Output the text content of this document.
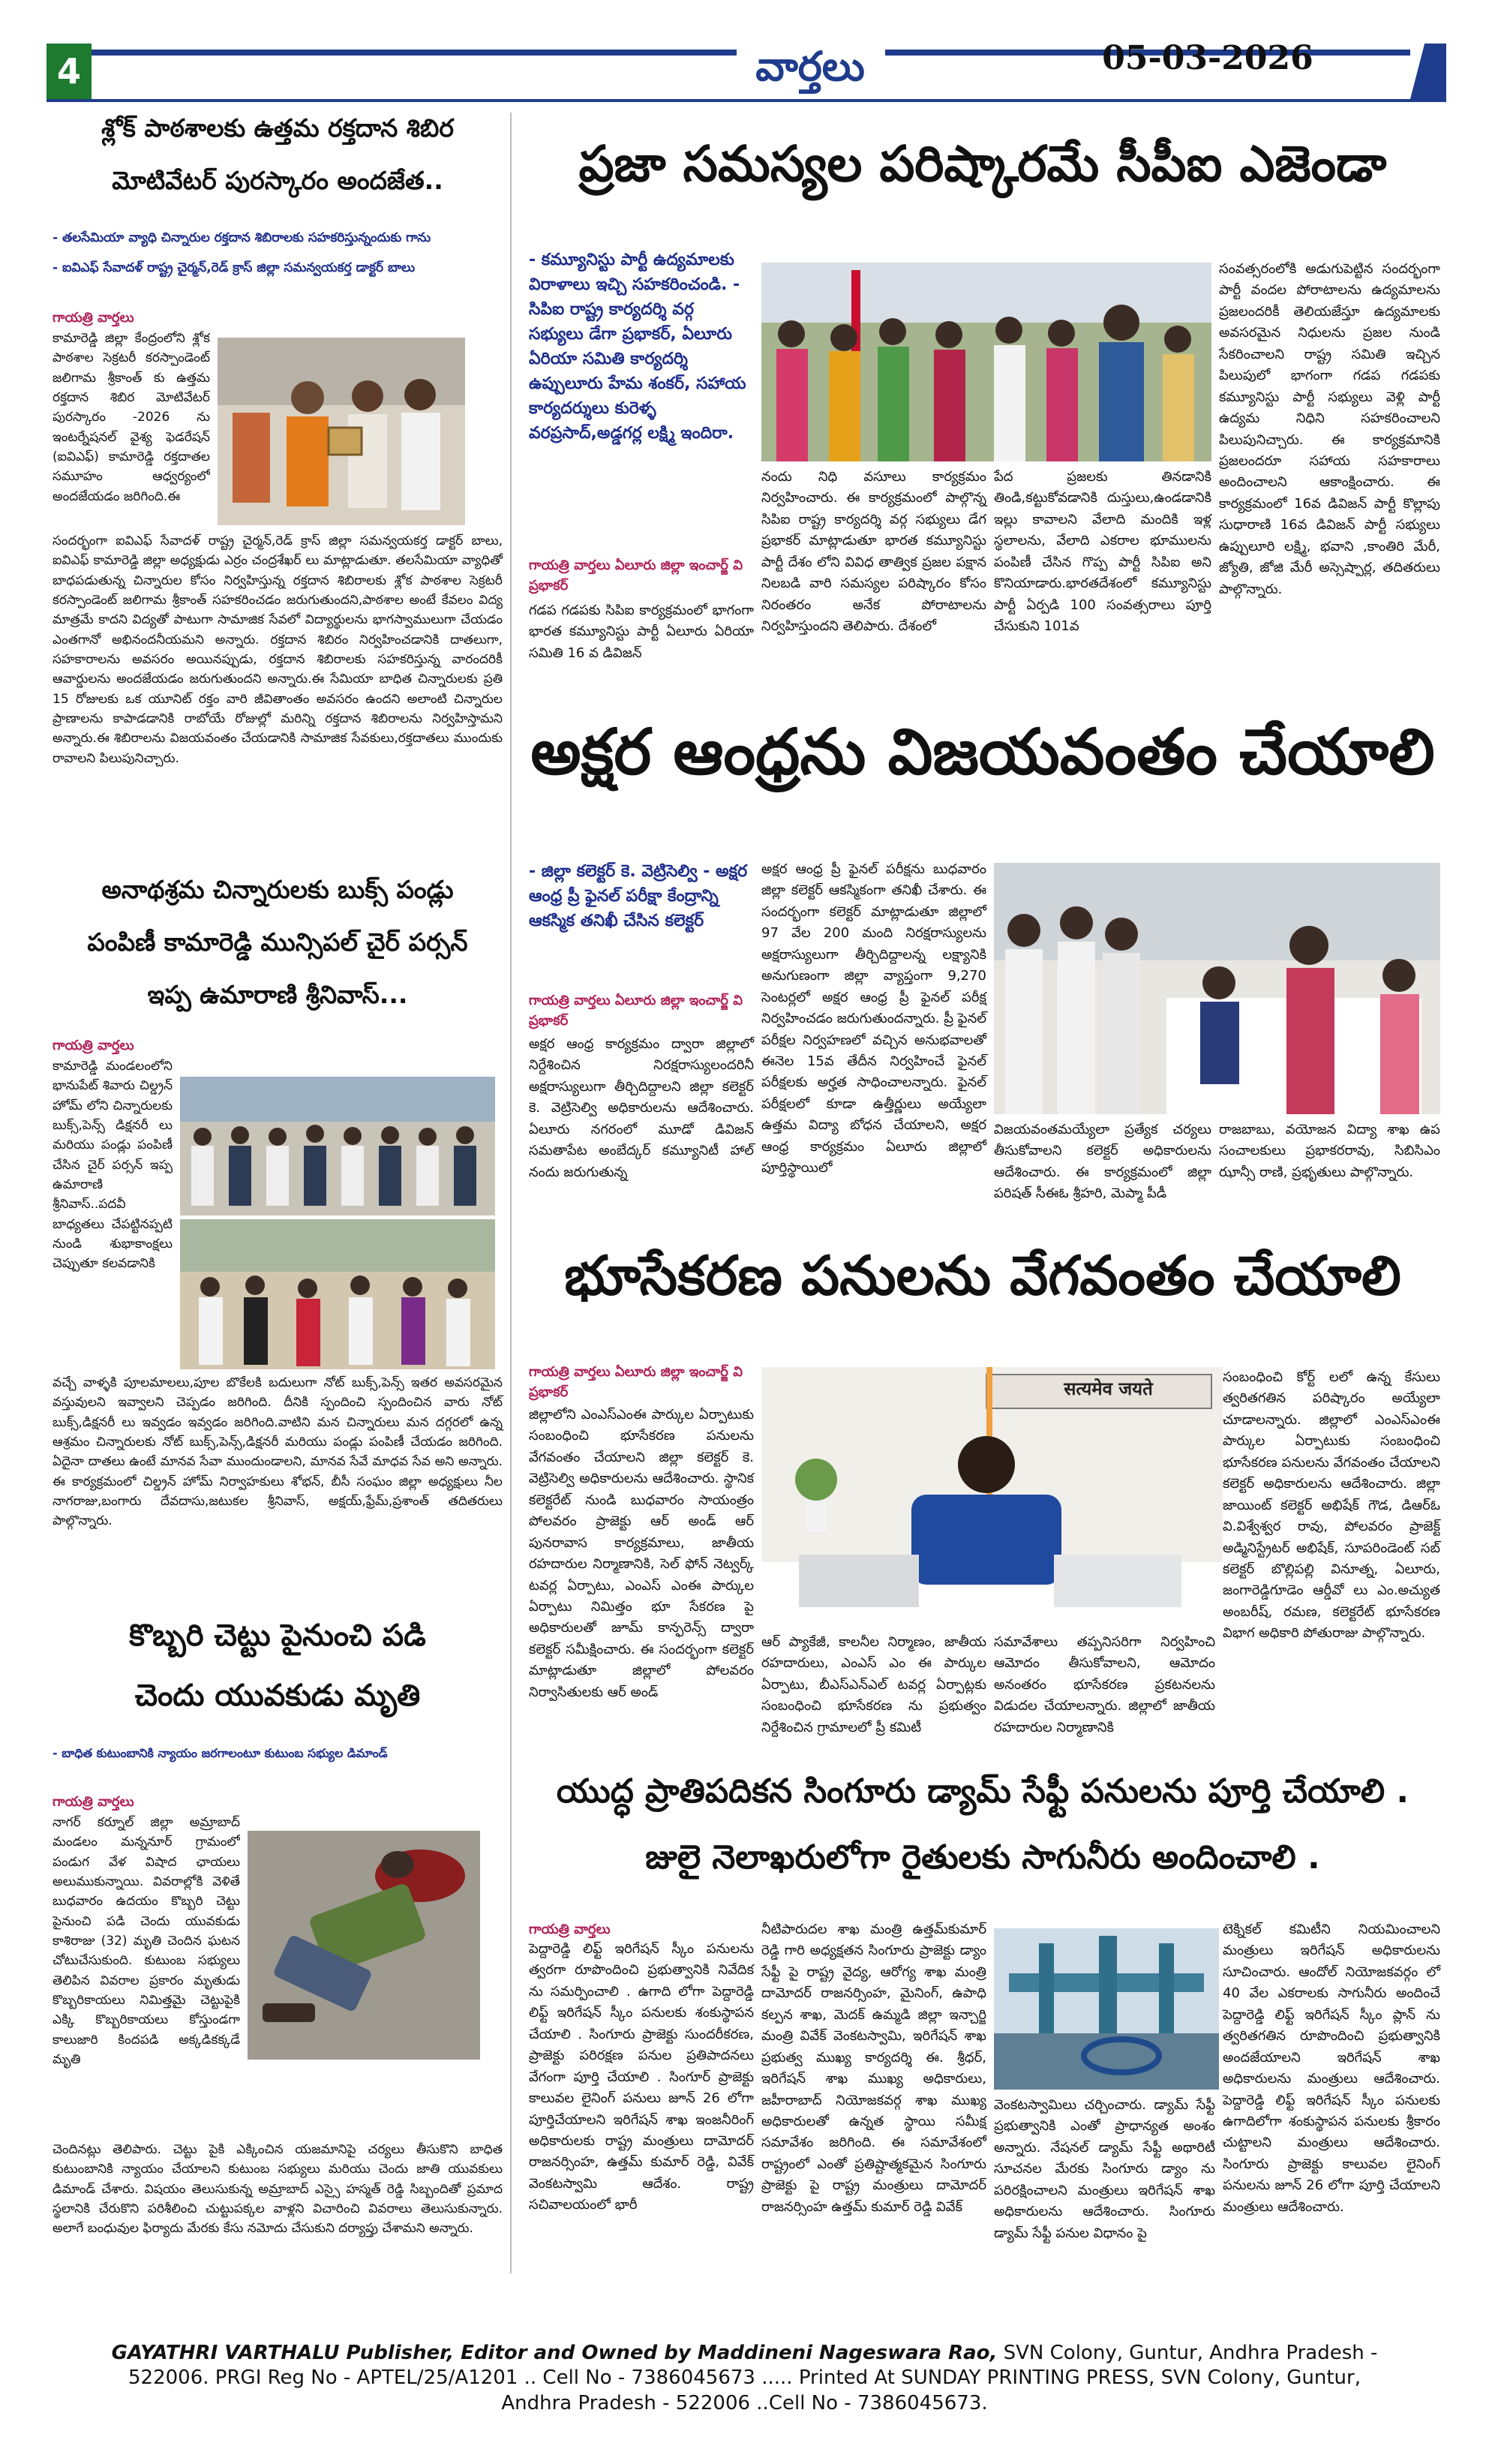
4	వార్తలు	05-03-2026
శ్లోక్ పాఠశాలకు ఉత్తమ రక్తదాన శిబిర
మోటివేటర్ పురస్కారం అందజేత..
- తలసేమియా వ్యాధి చిన్నారుల రక్తదాన శిబిరాలకు సహకరిస్తున్నందుకు గాను
- ఐవిఎఫ్ సేవాదళ్ రాష్ట్ర చైర్మన్,రెడ్ క్రాస్ జిల్లా సమన్వయకర్త డాక్టర్ బాలు
గాయత్రి వార్తలు
కామారెడ్డి జిల్లా కేంద్రంలోని శ్లోక పాఠశాల సెక్రటరీ కరస్పాండెంట్ జలిగామ శ్రీకాంత్ కు ఉత్తమ రక్తదాన శిబిర మోటివేటర్ పురస్కారం -2026 ను ఇంటర్నేషనల్ వైశ్య ఫెడరేషన్ (ఐవిఎఫ్) కామారెడ్డి రక్తదాతల సమూహం ఆధ్వర్యంలో అందజేయడం జరిగింది.ఈ
సందర్భంగా ఐవిఎఫ్ సేవాదళ్ రాష్ట్ర చైర్మన్,రెడ్ క్రాస్ జిల్లా సమన్వయకర్త డాక్టర్ బాలు, ఐవిఎఫ్ కామారెడ్డి జిల్లా అధ్యక్షుడు ఎర్రం చంద్రశేఖర్ లు మాట్లాడుతూ. తలసేమియా వ్యాధితో బాధపడుతున్న చిన్నారుల కోసం నిర్వహిస్తున్న రక్తదాన శిబిరాలకు శ్లోక పాఠశాల సెక్రటరీ కరస్పాండెంట్ జలిగామ శ్రీకాంత్ సహకరించడం జరుగుతుందని,పాఠశాల అంటే కేవలం విద్య మాత్రమే కాదని విద్యతో పాటుగా సామాజిక సేవలో విద్యార్థులను భాగస్వాములుగా చేయడం ఎంతగానో అభినందనీయమని అన్నారు. రక్తదాన శిబిరం నిర్వహించడానికి దాతలుగా, సహకారాలను అవసరం అయినప్పుడు, రక్తదాన శిబిరాలకు సహకరిస్తున్న వారందరికీ ఆవార్డులను అందజేయడం జరుగుతుందని అన్నారు.ఈ సేమియా బాధిత చిన్నారులకు ప్రతి 15 రోజులకు ఒక యూనిట్ రక్తం వారి జీవితాంతం అవసరం ఉందని అలాంటి చిన్నారుల ప్రాణాలను కాపాడడానికి రాబోయే రోజుల్లో మరిన్ని రక్తదాన శిబిరాలను నిర్వహిస్తామని అన్నారు.ఈ శిబిరాలను విజయవంతం చేయడానికి సామాజిక సేవకులు,రక్తదాతలు ముందుకు రావాలని పిలుపునిచ్చారు.
అనాథశ్రమ చిన్నారులకు బుక్స్ పండ్లు
పంపిణీ కామారెడ్డి మున్సిపల్ చైర్ పర్సన్
ఇప్ప ఉమారాణి శ్రీనివాస్...
గాయత్రి వార్తలు
కామారెడ్డి మండలంలోని భానుపేట్ శివారు చిల్డ్రన్ హోమ్ లోని చిన్నారులకు బుక్స్,పెన్స్ డిక్షనరీ లు మరియు పండ్లు పంపిణీ చేసిన చైర్ పర్సన్ ఇప్ప ఉమారాణి శ్రీనివాస్..పదవీ బాధ్యతలు చేపట్టినప్పటి నుండి శుభాకాంక్షలు చెప్పుతూ కలవడానికి
వచ్చే వాళ్ళకి పూలమాలలు,పూల బొకేలకి బదులుగా నోట్ బుక్స్,పెన్స్ ఇతర అవసరమైన వస్తువులని ఇవ్వాలని చెప్పడం జరిగింది. దీనికి స్పందించి స్పందించిన వారు నోట్ బుక్స్,డిక్షనరీ లు ఇవ్వడం ఇవ్వడం జరిగింది.వాటిని మన చిన్నారులు మన దగ్గరలో ఉన్న ఆశ్రమం చిన్నారులకు నోట్ బుక్స్,పెన్స్,డిక్షనరీ మరియు పండ్లు పంపిణీ చేయడం జరిగింది. ఏదైనా దాతలు ఉంటే మానవ సేవా ముందుండాలని, మానవ సేవే మాధవ సేవ అని అన్నారు. ఈ కార్యక్రమంలో చిల్డ్రన్ హోమ్ నిర్వాహకులు శోభన్, బీసీ సంఘం జిల్లా అధ్యక్షులు నీల నాగరాజు,బంగారు దేవదాసు,జటుకల శ్రీనివాస్, అక్షయ్,ఫ్రేమ్,ప్రశాంత్ తదితరులు పాల్గొన్నారు.
కొబ్బరి చెట్టు పైనుంచి పడి
చెందు యువకుడు మృతి
- బాధిత కుటుంబానికి న్యాయం జరగాలంటూ కుటుంబ సభ్యుల డిమాండ్
గాయత్రి వార్తలు
నాగర్ కర్నూల్ జిల్లా అమ్రాబాద్ మండలం మన్ననూర్ గ్రామంలో పండుగ వేళ విషాద ఛాయలు అలుముకున్నాయి. వివరాల్లోకి వెళితే బుధవారం ఉదయం కొబ్బరి చెట్టు పైనుంచి పడి చెందు యువకుడు కాశిరాజు (32) మృతి చెందిన ఘటన చోటుచేసుకుంది. కుటుంబ సభ్యులు తెలిపిన వివరాల ప్రకారం మృతుడు కొబ్బరికాయలు నిమిత్తమై చెట్టుపైకి ఎక్కి కొబ్బరికాయలు కోస్తుండగా కాలుజారి కిందపడి అక్కడికక్కడే మృతి
చెందినట్లు తెలిపారు. చెట్టు పైకి ఎక్కించిన యజమానిపై చర్యలు తీసుకొని బాధిత కుటుంబానికి న్యాయం చేయాలని కుటుంబ సభ్యులు మరియు చెందు జాతి యువకులు డిమాండ్ చేశారు. విషయం తెలుసుకున్న అమ్రాబాద్ ఎస్సై హస్మత్ రెడ్డి సిబ్బందితో ప్రమాద స్థలానికి చేరుకొని పరిశీలించి చుట్టుపక్కల వాళ్లని విచారించి వివరాలు తెలుసుకున్నారు. అలాగే బంధువుల ఫిర్యాదు మేరకు కేసు నమోదు చేసుకుని దర్యాప్తు చేశామని అన్నారు.
ప్రజా సమస్యల పరిష్కారమే సీపీఐ ఎజెండా
- కమ్యూనిస్టు పార్టీ ఉద్యమాలకు విరాళాలు ఇచ్చి సహకరించండి. - సిపిఐ రాష్ట్ర కార్యదర్శి వర్గ సభ్యులు డేగా ప్రభాకర్, ఏలూరు ఏరియా సమితి కార్యదర్శి ఉప్పులూరు హేమ శంకర్, సహాయ కార్యదర్శులు కురెళ్ళ వరప్రసాద్,అడ్డగర్ల లక్ష్మి ఇందిరా.
గాయత్రి వార్తలు ఏలూరు జిల్లా ఇంచార్జ్ వి ప్రభాకర్
గడప గడపకు సిపిఐ కార్యక్రమంలో భాగంగా భారత కమ్యూనిస్టు పార్టీ ఏలూరు ఏరియా సమితి 16 వ డివిజన్
నందు నిధి వసూలు కార్యక్రమం నిర్వహించారు. ఈ కార్యక్రమంలో పాల్గొన్న సిపిఐ రాష్ట్ర కార్యదర్శి వర్గ సభ్యులు డేగ ప్రభాకర్ మాట్లాడుతూ భారత కమ్యూనిస్టు పార్టీ దేశం లోని వివిధ తాత్విక ప్రజల పక్షాన నిలబడి వారి సమస్యల పరిష్కారం కోసం నిరంతరం అనేక పోరాటాలను నిర్వహిస్తుందని తెలిపారు. దేశంలో
పేద ప్రజలకు తినడానికి తిండి,కట్టుకోవడానికి దుస్తులు,ఉండడానికి ఇల్లు కావాలని వేలాది మందికి ఇళ్ల స్థలాలను, వేలాది ఎకరాల భూములను పంపిణీ చేసిన గొప్ప పార్టీ సిపిఐ అని కొనియాడారు.భారతదేశంలో కమ్యూనిస్టు పార్టీ ఏర్పడి 100 సంవత్సరాలు పూర్తి చేసుకుని 101వ
సంవత్సరంలోకి అడుగుపెట్టిన సందర్భంగా పార్టీ వందల పోరాటాలను ఉద్యమాలను ప్రజలందరికీ తెలియజేస్తూ ఉద్యమాలకు అవసరమైన నిధులను ప్రజల నుండి సేకరించాలని రాష్ట్ర సమితి ఇచ్చిన పిలుపులో భాగంగా గడప గడపకు కమ్యూనిస్టు పార్టీ సభ్యులు వెళ్లి పార్టీ ఉద్యమ నిధిని సహకరించాలని పిలుపునిచ్చారు. ఈ కార్యక్రమానికి ప్రజలందరూ సహాయ సహకారాలు అందించాలని ఆకాంక్షించారు. ఈ కార్యక్రమంలో 16వ డివిజన్ పార్టీ కొల్లాపు సుధారాణి 16వ డివిజన్ పార్టీ సభ్యులు ఉప్పులూరి లక్ష్మి, భవాని ,కాంతిరి మేరీ, జ్యోతి, జోజి మేరీ అస్సెష్పార్ల, తదితరులు పాల్గొన్నారు.
అక్షర ఆంధ్రను విజయవంతం చేయాలి
- జిల్లా కలెక్టర్ కె. వెట్రిసెల్వి - అక్షర ఆంధ్ర ప్రీ ఫైనల్ పరీక్షా కేంద్రాన్ని ఆకస్మిక తనిఖీ చేసిన కలెక్టర్
గాయత్రి వార్తలు ఏలూరు జిల్లా ఇంచార్జ్ వి ప్రభాకర్
అక్షర ఆంధ్ర కార్యక్రమం ద్వారా జిల్లాలో నిర్దేశించిన నిరక్షరాస్యులందరినీ అక్షరాస్యులుగా తీర్చిదిద్దాలని జిల్లా కలెక్టర్ కె. వెట్రిసెల్వి అధికారులను ఆదేశించారు. ఏలూరు నగరంలో మూడో డివిజన్ సమతాపేట అంబేద్కర్ కమ్యూనిటీ హాల్ నందు జరుగుతున్న
అక్షర ఆంధ్ర ప్రీ ఫైనల్ పరీక్షను బుధవారం జిల్లా కలెక్టర్ ఆకస్మికంగా తనిఖీ చేశారు. ఈ సందర్భంగా కలెక్టర్ మాట్లాడుతూ జిల్లాలో 97 వేల 200 మంది నిరక్షరాస్యులను అక్షరాస్యులుగా తీర్చిదిద్దాలన్న లక్ష్యానికి అనుగుణంగా జిల్లా వ్యాప్తంగా 9,270 సెంటర్లలో అక్షర ఆంధ్ర ప్రీ ఫైనల్ పరీక్ష నిర్వహించడం జరుగుతుందన్నారు. ప్రీ ఫైనల్ పరీక్షల నిర్వహణలో వచ్చిన అనుభవాలతో ఈనెల 15వ తేదీన నిర్వహించే ఫైనల్ పరీక్షలకు అర్హత సాధించాలన్నారు. ఫైనల్ పరీక్షలలో కూడా ఉత్తీర్ణులు అయ్యేలా ఉత్తమ విద్యా బోధన చేయాలని, అక్షర ఆంధ్ర కార్యక్రమం ఏలూరు జిల్లాలో పూర్తిస్థాయిలో
విజయవంతమయ్యేలా ప్రత్యేక చర్యలు తీసుకోవాలని కలెక్టర్ అధికారులను ఆదేశించారు. ఈ కార్యక్రమంలో జిల్లా పరిషత్ సీఈఓ శ్రీహరి, మెప్మా పీడీ
రాజబాబు, వయోజన విద్యా శాఖ ఉప సంచాలకులు ప్రభాకరరావు, సిబిసిఎం ఝాన్సీ రాణి, ప్రభృతులు పాల్గొన్నారు.
భూసేకరణ పనులను వేగవంతం చేయాలి
గాయత్రి వార్తలు ఏలూరు జిల్లా ఇంచార్జ్ వి ప్రభాకర్
జిల్లాలోని ఎంఎస్ఎంఈ పార్కుల ఏర్పాటుకు సంబంధించి భూసేకరణ పనులను వేగవంతం చేయాలని జిల్లా కలెక్టర్ కె. వెట్రిసెల్వి అధికారులను ఆదేశించారు. స్థానిక కలెక్టరేట్ నుండి బుధవారం సాయంత్రం పోలవరం ప్రాజెక్టు ఆర్ అండ్ ఆర్ పునరావాస కార్యక్రమాలు, జాతీయ రహదారుల నిర్మాణానికి, సెల్ ఫోన్ నెట్వర్క్ టవర్ల ఏర్పాటు, ఎంఎస్ ఎంఈ పార్కుల ఏర్పాటు నిమిత్తం భూ సేకరణ పై అధికారులతో జూమ్ కాన్ఫరెన్స్ ద్వారా కలెక్టర్ సమీక్షించారు. ఈ సందర్భంగా కలెక్టర్ మాట్లాడుతూ జిల్లాలో పోలవరం నిర్వాసితులకు ఆర్ అండ్
सत्यमेव जयते
ఆర్ ప్యాకేజీ, కాలనీల నిర్మాణం, జాతీయ రహదారులు, ఎంఎస్ ఎం ఈ పార్కుల ఏర్పాటు, బీఎస్ఎన్ఎల్ టవర్ల ఏర్పాట్లకు సంబంధించి భూసేకరణ ను ప్రభుత్వం నిర్దేశించిన గ్రామాలలో ప్రీ కమిటీ
సమావేశాలు తప్పనిసరిగా నిర్వహించి ఆమోదం తీసుకోవాలని, ఆమోదం అనంతరం భూసేకరణ ప్రకటనలను విడుదల చేయాలన్నారు. జిల్లాలో జాతీయ రహదారుల నిర్మాణానికి
సంబంధించి కోర్ట్ లలో ఉన్న కేసులు త్వరితగతిన పరిష్కారం అయ్యేలా చూడాలన్నారు. జిల్లాలో ఎంఎస్ఎంఈ పార్కుల ఏర్పాటుకు సంబంధించి భూసేకరణ పనులను వేగవంతం చేయాలని కలెక్టర్ అధికారులను ఆదేశించారు. జిల్లా జాయింట్ కలెక్టర్ అభిషేక్ గౌడ, డిఆర్ఓ వి.విశ్వేశ్వర రావు, పోలవరం ప్రాజెక్ట్ అడ్మినిస్ట్రేటర్ అభిషేక్, సూపరిండెంట్ సబ్ కలెక్టర్ బొల్లిపల్లి వినూత్న, ఏలూరు, జంగారెడ్డిగూడెం ఆర్డీవో లు ఎం.అచ్యుత అంబరీష్, రమణ, కలెక్టరేట్ భూసేకరణ విభాగ అధికారి పోతురాజు పాల్గొన్నారు.
యుద్ధ ప్రాతిపదికన సింగూరు డ్యామ్ సేఫ్టీ పనులను పూర్తి చేయాలి .
జులై నెలాఖరులోగా రైతులకు సాగునీరు అందించాలి .
గాయత్రి వార్తలు
పెద్దారెడ్డి లిఫ్ట్ ఇరిగేషన్ స్కీం పనులను త్వరగా రూపొందించి ప్రభుత్వానికి నివేదిక ను సమర్పించాలి . ఉగాది లోగా పెద్దారెడ్డి లిఫ్ట్ ఇరిగేషన్ స్కీం పనులకు శంకుస్థాపన చేయాలి . సింగూరు ప్రాజెక్టు సుందరీకరణ, ప్రాజెక్టు పరిరక్షణ పనుల ప్రతిపాదనలు వేగంగా పూర్తి చేయాలి . సింగూర్ ప్రాజెక్టు కాలువల లైనింగ్ పనులు జూన్ 26 లోగా పూర్తిచేయాలని ఇరిగేషన్ శాఖ ఇంజనీరింగ్ అధికారులకు రాష్ట్ర మంత్రులు దామోదర్ రాజనర్సింహ, ఉత్తమ్ కుమార్ రెడ్డి, వివేక్ వెంకటస్వామి ఆదేశం. రాష్ట్ర సచివాలయంలో భారీ
నీటిపారుదల శాఖ మంత్రి ఉత్తమ్‌కుమార్ రెడ్డి గారి అధ్యక్షతన సింగూరు ప్రాజెక్టు డ్యాం సేఫ్టీ పై రాష్ట్ర వైద్య, ఆరోగ్య శాఖ మంత్రి దామోదర్ రాజనర్సింహ, మైనింగ్, ఉపాధి కల్పన శాఖ, మెదక్ ఉమ్మడి జిల్లా ఇన్చార్జి మంత్రి వివేక్ వెంకటస్వామి, ఇరిగేషన్ శాఖ ప్రభుత్వ ముఖ్య కార్యదర్శి ఈ. శ్రీధర్, ఇరిగేషన్ శాఖ ముఖ్య అధికారులు, జహీరాబాద్ నియోజకవర్గ శాఖ ముఖ్య అధికారులతో ఉన్నత స్థాయి సమీక్ష సమావేశం జరిగింది. ఈ సమావేశంలో రాష్ట్రంలో ఎంతో ప్రతిష్టాత్మకమైన సింగూరు ప్రాజెక్టు పై రాష్ట్ర మంత్రులు దామోదర్ రాజనర్సింహ ఉత్తమ్ కుమార్ రెడ్డి వివేక్
వెంకటస్వామిలు చర్చించారు. డ్యామ్ సేఫ్టీ ప్రభుత్వానికి ఎంతో ప్రాధాన్యత అంశం అన్నారు. నేషనల్ డ్యామ్ సేఫ్టీ అథారిటీ సూచనల మేరకు సింగూరు డ్యాం ను పరిరక్షించాలని మంత్రులు ఇరిగేషన్ శాఖ అధికారులను ఆదేశించారు. సింగూరు డ్యామ్ సేఫ్టీ పనుల విధానం పై
టెక్నికల్ కమిటీని నియమించాలని మంత్రులు ఇరిగేషన్ అధికారులను సూచించారు. ఆందోల్ నియోజకవర్గం లో 40 వేల ఎకరాలకు సాగునీరు అందించే పెద్దారెడ్డి లిఫ్ట్ ఇరిగేషన్ స్కీం ప్లాన్ ను త్వరితగతిన రూపొందించి ప్రభుత్వానికి అందజేయాలని ఇరిగేషన్ శాఖ అధికారులను మంత్రులు ఆదేశించారు. పెద్దారెడ్డి లిఫ్ట్ ఇరిగేషన్ స్కీం పనులకు ఉగాదిలోగా శంకుస్థాపన పనులకు శ్రీకారం చుట్టాలని మంత్రులు ఆదేశించారు. సింగూరు ప్రాజెక్టు కాలువల లైనింగ్ పనులను జూన్ 26 లోగా పూర్తి చేయాలని మంత్రులు ఆదేశించారు.
GAYATHRI VARTHALU Publisher, Editor and Owned by Maddineni Nageswara Rao, SVN Colony, Guntur, Andhra Pradesh - 522006. PRGI Reg No - APTEL/25/A1201 .. Cell No - 7386045673 ..... Printed At SUNDAY PRINTING PRESS, SVN Colony, Guntur, Andhra Pradesh - 522006 ..Cell No - 7386045673.
